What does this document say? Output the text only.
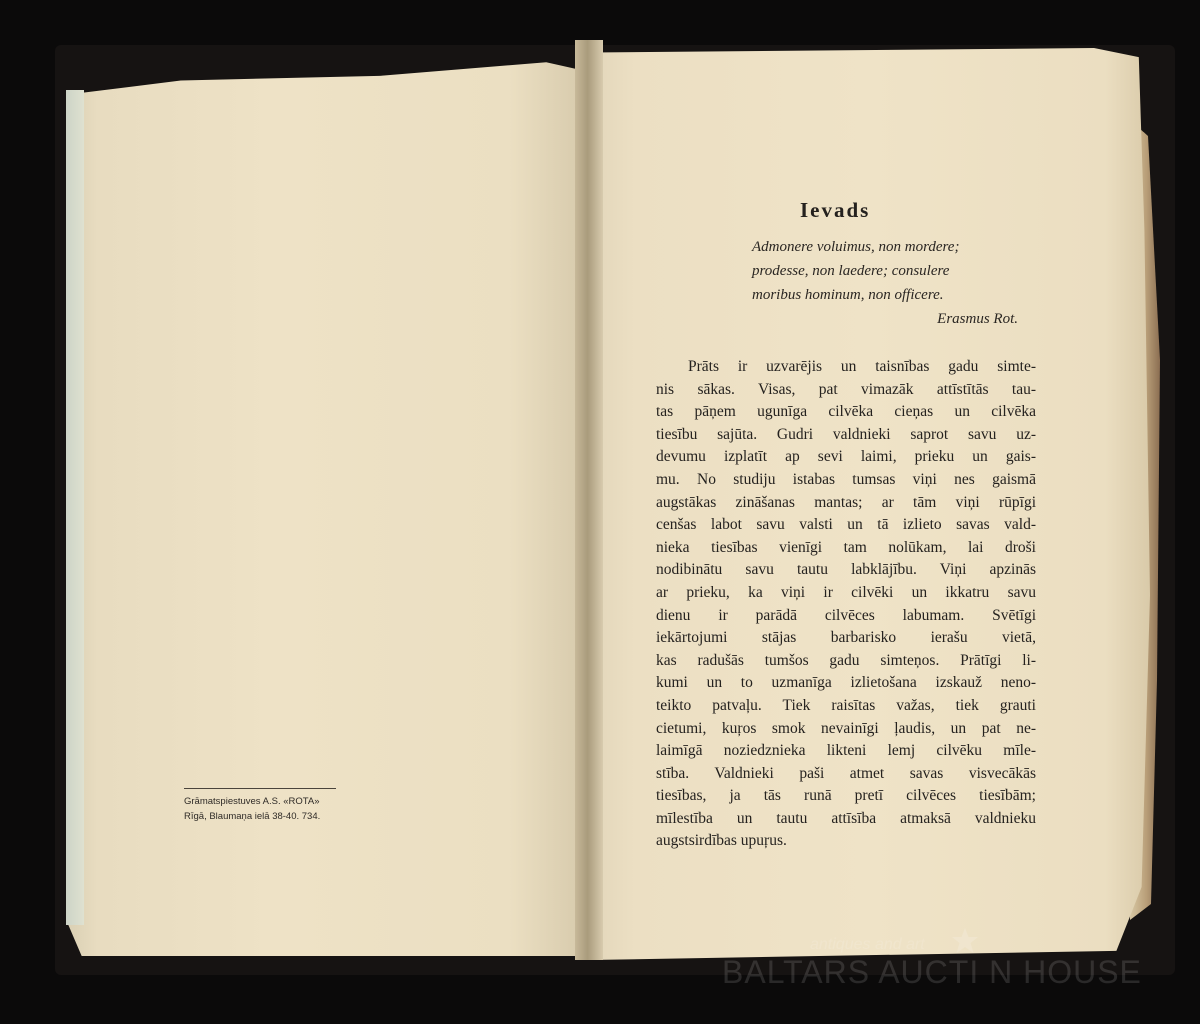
Grāmatspiestuves A.S. «ROTA»
Rīgā, Blaumaņa ielā 38-40. 734.
Ievads
Admonere voluimus, non mordere;
prodesse, non laedere; consulere
moribus hominum, non officere.
Erasmus Rot.
Prāts ir uzvarējis un taisnības gadu simte-
nis sākas. Visas, pat vimazāk attīstītās tau-
tas pāņem ugunīga cilvēka cieņas un cilvēka
tiesību sajūta. Gudri valdnieki saprot savu uz-
devumu izplatīt ap sevi laimi, prieku un gais-
mu. No studiju istabas tumsas viņi nes gaismā
augstākas zināšanas mantas; ar tām viņi rūpīgi
cenšas labot savu valsti un tā izlieto savas vald-
nieka tiesības vienīgi tam nolūkam, lai droši
nodibinātu savu tautu labklājību. Viņi apzinās
ar prieku, ka viņi ir cilvēki un ikkatru savu
dienu ir parādā cilvēces labumam. Svētīgi
iekārtojumi stājas barbarisko ierašu vietā,
kas radušās tumšos gadu simteņos. Prātīgi li-
kumi un to uzmanīga izlietošana izskauž neno-
teikto patvaļu. Tiek raisītas važas, tiek grauti
cietumi, kuŗos smok nevainīgi ļaudis, un pat ne-
laimīgā noziedznieka likteni lemj cilvēku mīle-
stība. Valdnieki paši atmet savas visvecākās
tiesības, ja tās runā pretī cilvēces tiesībām;
mīlestība un tautu attīsība atmaksā valdnieku
augstsirdības upuŗus.
antiques and art
BALTARS AUCTI N HOUSE
